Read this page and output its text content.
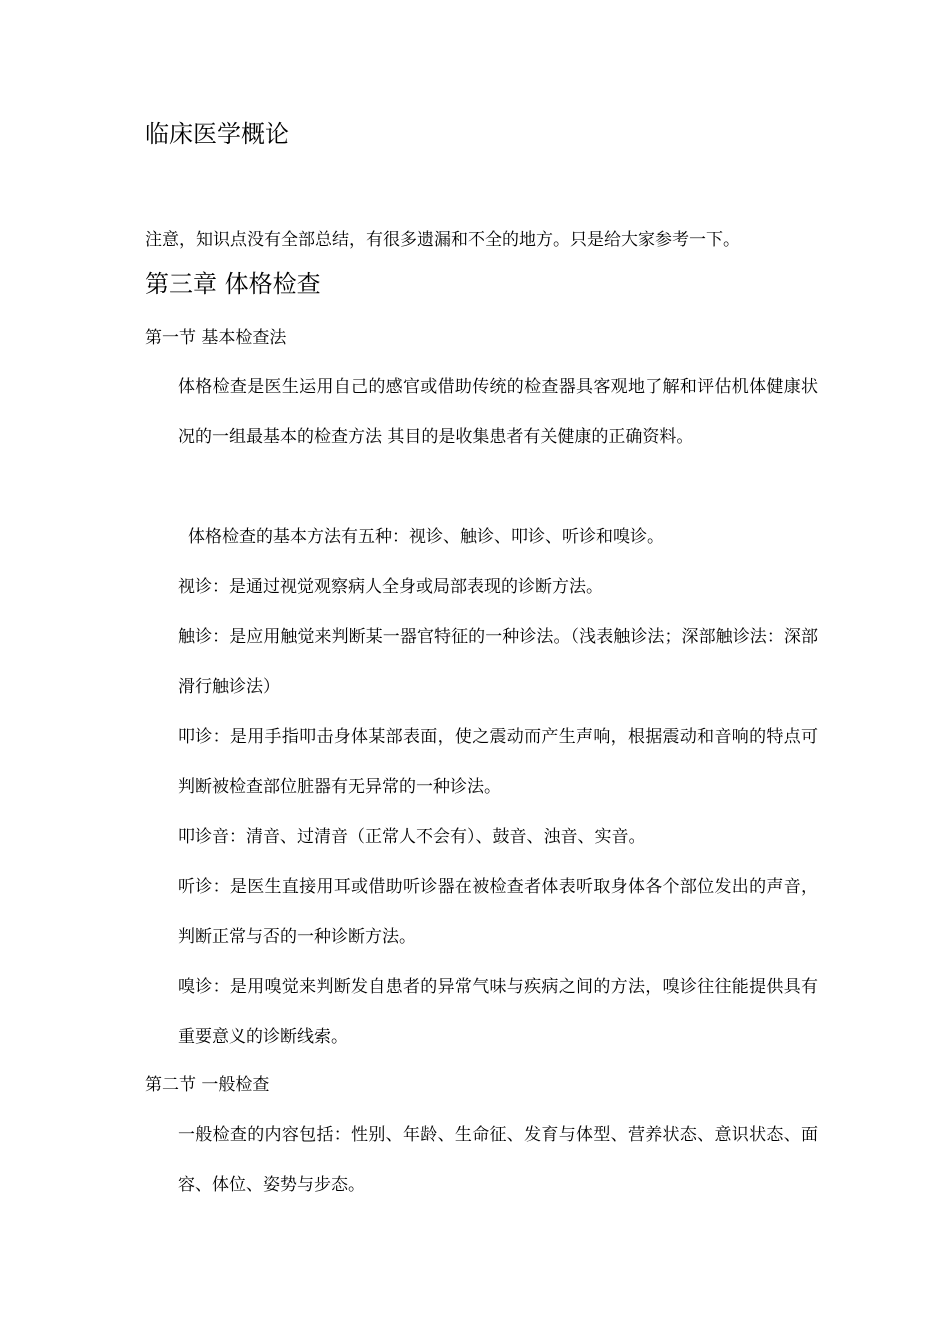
临床医学概论

注意，知识点没有全部总结，有很多遗漏和不全的地方。只是给大家参考一下。

第三章 体格检查
第一节 基本检查法

体格检查是医生运用自己的感官或借助传统的检查器具客观地了解和评估机体健康状况的一组最基本的检查方法 其目的是收集患者有关健康的正确资料。

体格检查的基本方法有五种：视诊、触诊、叩诊、听诊和嗅诊。

视诊：是通过视觉观察病人全身或局部表现的诊断方法。

触诊：是应用触觉来判断某一器官特征的一种诊法。（浅表触诊法；深部触诊法：深部滑行触诊法）

叩诊：是用手指叩击身体某部表面，使之震动而产生声响，根据震动和音响的特点可判断被检查部位脏器有无异常的一种诊法。

叩诊音：清音、过清音（正常人不会有）、鼓音、浊音、实音。

听诊：是医生直接用耳或借助听诊器在被检查者体表听取身体各个部位发出的声音，判断正常与否的一种诊断方法。

嗅诊：是用嗅觉来判断发自患者的异常气味与疾病之间的方法，嗅诊往往能提供具有重要意义的诊断线索。

第二节 一般检查

一般检查的内容包括：性别、年龄、生命征、发育与体型、营养状态、意识状态、面容、体位、姿势与步态。
